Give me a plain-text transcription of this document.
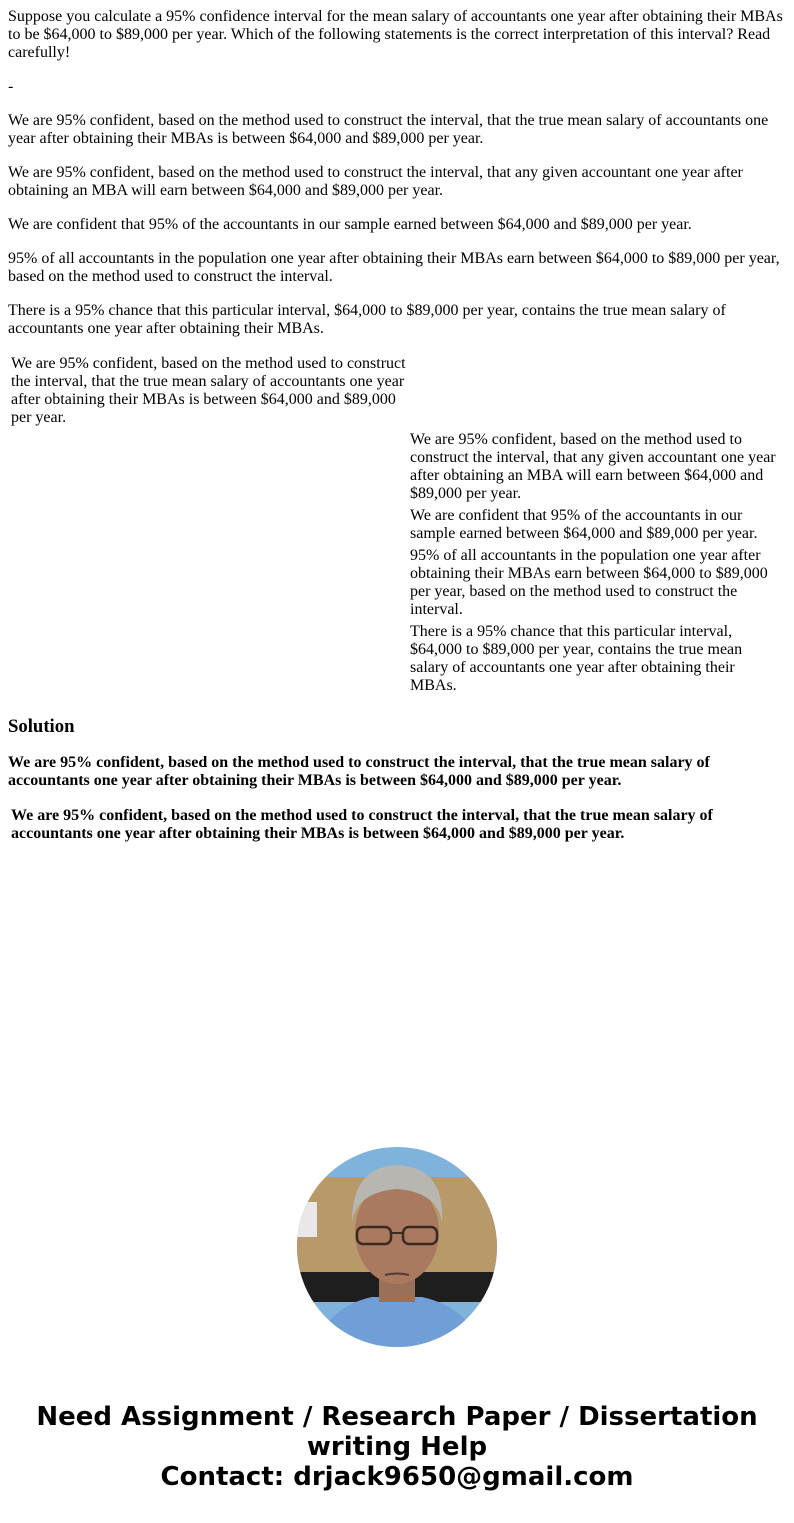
Suppose you calculate a 95% confidence interval for the mean salary of accountants one year after obtaining their MBAs to be $64,000 to $89,000 per year. Which of the following statements is the correct interpretation of this interval? Read carefully!

-

We are 95% confident, based on the method used to construct the interval, that the true mean salary of accountants one year after obtaining their MBAs is between $64,000 and $89,000 per year.

We are 95% confident, based on the method used to construct the interval, that any given accountant one year after obtaining an MBA will earn between $64,000 and $89,000 per year.

We are confident that 95% of the accountants in our sample earned between $64,000 and $89,000 per year.

95% of all accountants in the population one year after obtaining their MBAs earn between $64,000 to $89,000 per year, based on the method used to construct the interval.

There is a 95% chance that this particular interval, $64,000 to $89,000 per year, contains the true mean salary of accountants one year after obtaining their MBAs.

We are 95% confident, based on the method used to construct the interval, that the true mean salary of accountants one year after obtaining their MBAs is between $64,000 and $89,000 per year.	
	We are 95% confident, based on the method used to construct the interval, that any given accountant one year after obtaining an MBA will earn between $64,000 and $89,000 per year.
	We are confident that 95% of the accountants in our sample earned between $64,000 and $89,000 per year.
	95% of all accountants in the population one year after obtaining their MBAs earn between $64,000 to $89,000 per year, based on the method used to construct the interval.
	There is a 95% chance that this particular interval, $64,000 to $89,000 per year, contains the true mean salary of accountants one year after obtaining their MBAs.
Solution

We are 95% confident, based on the method used to construct the interval, that the true mean salary of accountants one year after obtaining their MBAs is between $64,000 and $89,000 per year.

We are 95% confident, based on the method used to construct the interval, that the true mean salary of accountants one year after obtaining their MBAs is between $64,000 and $89,000 per year.
Need Assignment / Research Paper / Dissertation writing Help
Contact: drjack9650@gmail.com
